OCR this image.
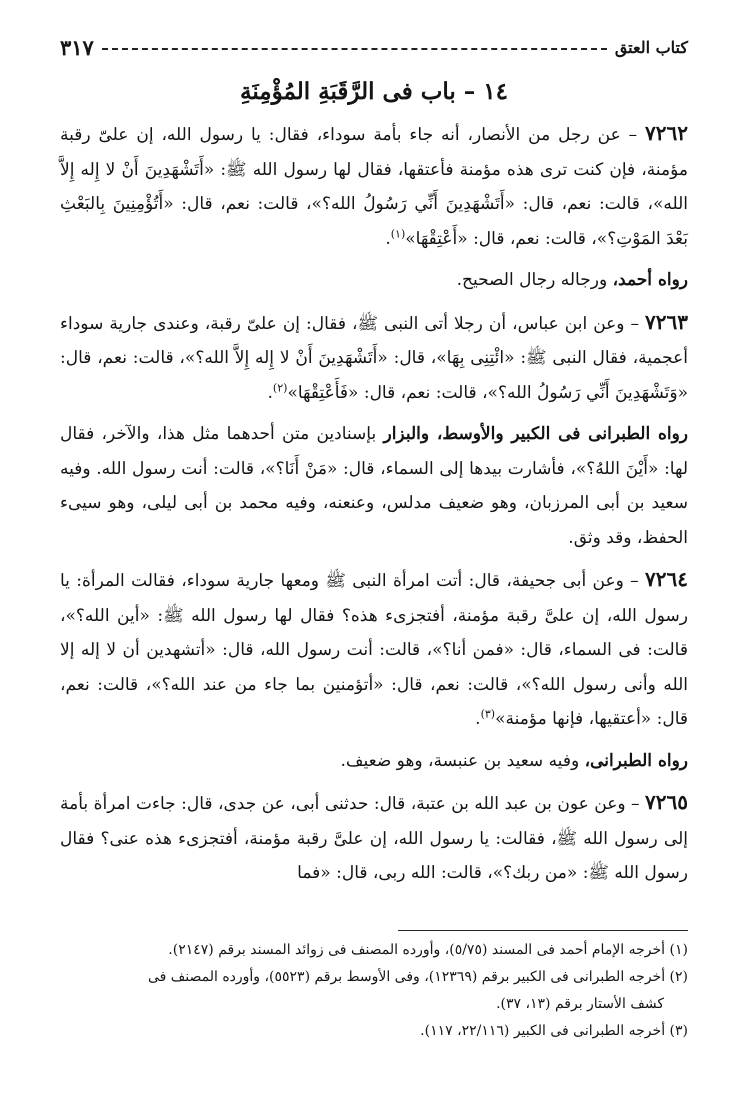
كتاب العتق
٣١٧
١٤ – باب فى الرَّقَبَةِ المُؤْمِنَةِ

٧٢٦٢ – عن رجل من الأنصار، أنه جاء بأمة سوداء، فقال: يا رسول الله، إن علىّ رقبة مؤمنة، فإن كنت ترى هذه مؤمنة فأعتقها، فقال لها رسول الله ﷺ: «أَتَشْهَدِينَ أَنْ لا إِله إِلاَّ الله»، قالت: نعم، قال: «أَتَشْهَدِينَ أَنِّي رَسُولُ الله؟»، قالت: نعم، قال: «أَتُؤْمِنِينَ بِالبَعْثِ بَعْدَ المَوْتِ؟»، قالت: نعم، قال: «أَعْتِقْهَا»$^{(١)}$.

رواه أحمد، ورجاله رجال الصحيح.

٧٢٦٣ – وعن ابن عباس، أن رجلا أتى النبى ﷺ، فقال: إن علىّ رقبة، وعندى جارية سوداء أعجمية، فقال النبى ﷺ: «ائْتِنِى بِهَا»، قال: «أَتَشْهَدِينَ أَنْ لا إِله إِلاَّ الله؟»، قالت: نعم، قال: «وَتَشْهَدِينَ أَنِّي رَسُولُ الله؟»، قالت: نعم، قال: «فَأَعْتِقْهَا»$^{(٢)}$.

رواه الطبرانى فى الكبير والأوسط، والبزار بإسنادين متن أحدهما مثل هذا، والآخر، فقال لها: «أَيْنَ اللهُ؟»، فأشارت بيدها إلى السماء، قال: «مَنْ أَنَا؟»، قالت: أنت رسول الله. وفيه سعيد بن أبى المرزبان، وهو ضعيف مدلس، وعنعنه، وفيه محمد بن أبى ليلى، وهو سيىء الحفظ، وقد وثق.

٧٢٦٤ – وعن أبى جحيفة، قال: أتت امرأة النبى ﷺ ومعها جارية سوداء، فقالت المرأة: يا رسول الله، إن علىَّ رقبة مؤمنة، أفتجزىء هذه؟ فقال لها رسول الله ﷺ: «أين الله؟»، قالت: فى السماء، قال: «فمن أنا؟»، قالت: أنت رسول الله، قال: «أتشهدين أن لا إله إلا الله وأنى رسول الله؟»، قالت: نعم، قال: «أتؤمنين بما جاء من عند الله؟»، قالت: نعم، قال: «أعتقيها، فإنها مؤمنة»$^{(٣)}$.

رواه الطبرانى، وفيه سعيد بن عنبسة، وهو ضعيف.

٧٢٦٥ – وعن عون بن عبد الله بن عتبة، قال: حدثنى أبى، عن جدى، قال: جاءت امرأة بأمة إلى رسول الله ﷺ، فقالت: يا رسول الله، إن علىَّ رقبة مؤمنة، أفتجزىء هذه عنى؟ فقال رسول الله ﷺ: «من ربك؟»، قالت: الله ربى، قال: «فما

(١) أخرجه الإمام أحمد فى المسند (٥/٧٥)، وأورده المصنف فى زوائد المسند برقم (٢١٤٧).

(٢) أخرجه الطبرانى فى الكبير برقم (١٢٣٦٩)، وفى الأوسط برقم (٥٥٢٣)، وأورده المصنف فى

كشف الأستار برقم (١٣، ٣٧).

(٣) أخرجه الطبرانى فى الكبير (٢٢/١١٦، ١١٧).
